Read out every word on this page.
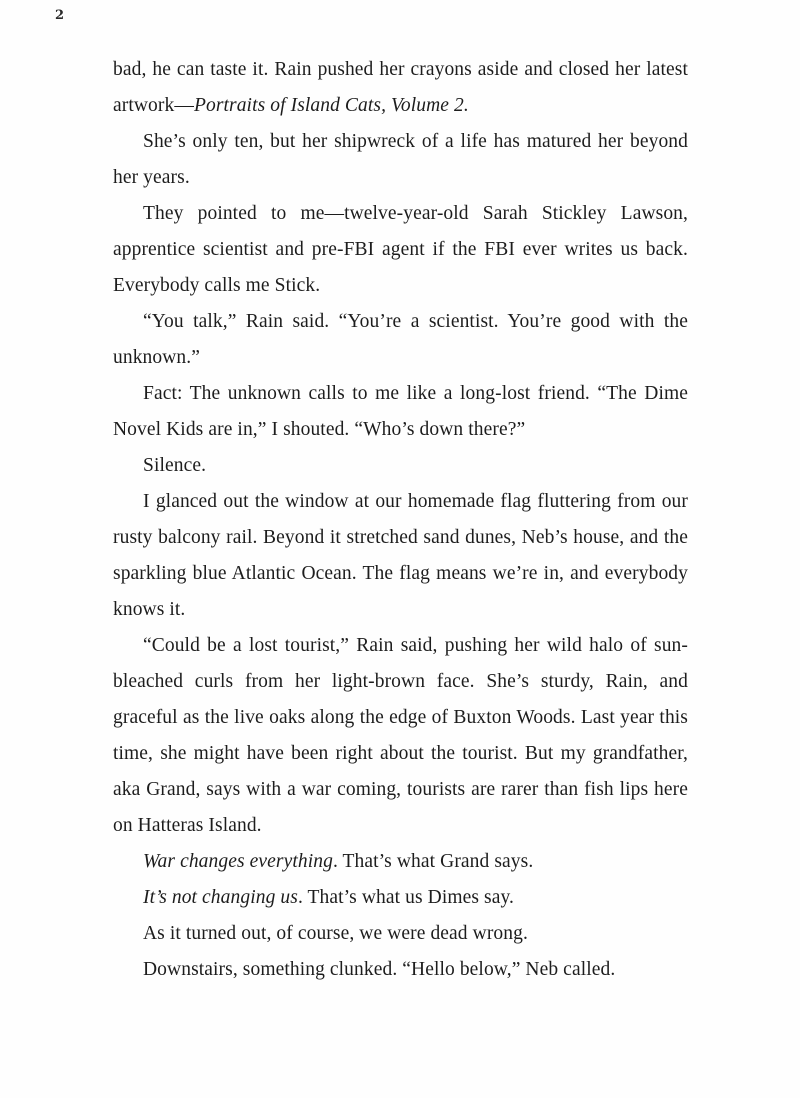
2

bad, he can taste it. Rain pushed her crayons aside and closed her latest artwork—Portraits of Island Cats, Volume 2.

She’s only ten, but her shipwreck of a life has matured her beyond her years.

They pointed to me—twelve-year-old Sarah Stickley Lawson, apprentice scientist and pre-FBI agent if the FBI ever writes us back. Everybody calls me Stick.

“You talk,” Rain said. “You’re a scientist. You’re good with the unknown.”

Fact: The unknown calls to me like a long-lost friend. “The Dime Novel Kids are in,” I shouted. “Who’s down there?”

Silence.

I glanced out the window at our homemade flag fluttering from our rusty balcony rail. Beyond it stretched sand dunes, Neb’s house, and the sparkling blue Atlantic Ocean. The flag means we’re in, and everybody knows it.

“Could be a lost tourist,” Rain said, pushing her wild halo of sun-bleached curls from her light-brown face. She’s sturdy, Rain, and graceful as the live oaks along the edge of Buxton Woods. Last year this time, she might have been right about the tourist. But my grandfather, aka Grand, says with a war coming, tourists are rarer than fish lips here on Hatteras Island.

War changes everything. That’s what Grand says.

It’s not changing us. That’s what us Dimes say.

As it turned out, of course, we were dead wrong.

Downstairs, something clunked. “Hello below,” Neb called.
